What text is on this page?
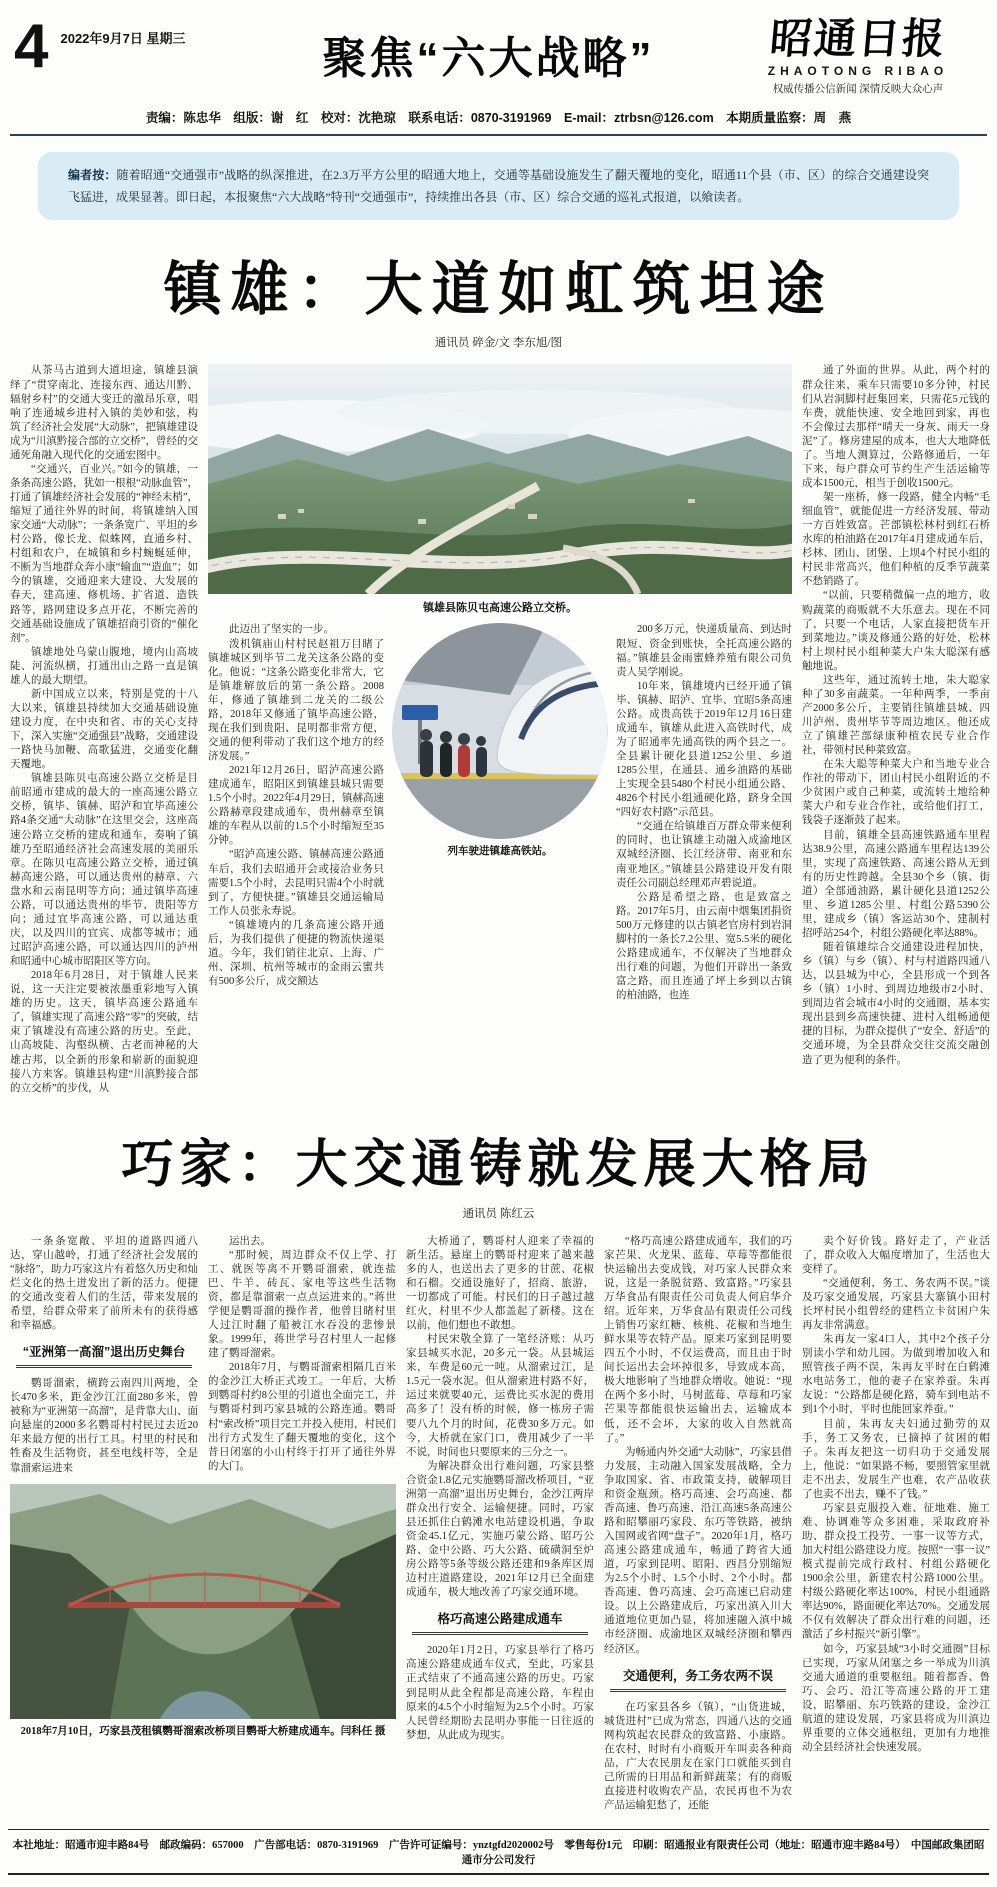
4 2022年9月7日 星期三	聚焦“六大战略”	昭通日报
ZHAOTONG RIBAO
权威传播公信新闻 深情反映大众心声
责编：陈忠华　组版：谢　红　校对：沈艳琼　联系电话：0870-3191969　E-mail：ztrbsn@126.com　本期质量监察：周　燕
编者按：随着昭通“交通强市”战略的纵深推进，在2.3万平方公里的昭通大地上，交通等基础设施发生了翻天覆地的变化，昭通11个县（市、区）的综合交通建设突飞猛进，成果显著。即日起，本报聚焦“六大战略”特刊“交通强市”，持续推出各县（市、区）综合交通的巡礼式报道，以飨读者。
镇雄：大道如虹筑坦途
通讯员 碎金/文 李东旭/图

从茶马古道到大道坦途，镇雄县演绎了“贯穿南北、连接东西、通达川黔、辐射乡村”的交通大变迁的激昂乐章，唱响了连通城乡进村入镇的美妙和弦，构筑了经济社会发展“大动脉”，把镇雄建设成为“川滇黔接合部的立交桥”，曾经的交通死角融入现代化的交通宏图中。

“交通兴，百业兴。”如今的镇雄，一条条高速公路，犹如一根根“动脉血管”，打通了镇雄经济社会发展的“神经末梢”，缩短了通往外界的时间，将镇雄纳入国家交通“大动脉”；一条条宽广、平坦的乡村公路，像长龙、似蛛网，直通乡村、村组和农户，在城镇和乡村蜿蜒延伸，不断为当地群众奔小康“输血”“造血”；如今的镇雄，交通迎来大建设、大发展的春天，建高速、修机场、扩省道、造铁路等，路网建设多点开花，不断完善的交通基础设施成了镇雄招商引资的“催化剂”。

镇雄地处乌蒙山腹地，境内山高坡陡、河流纵横，打通出山之路一直是镇雄人的最大期望。

新中国成立以来，特别是党的十八大以来，镇雄县持续加大交通基础设施建设力度，在中央和省、市的关心支持下，深入实施“交通强县”战略，交通建设一路快马加鞭、高歌猛进，交通变化翻天覆地。

镇雄县陈贝屯高速公路立交桥是目前昭通市建成的最大的一座高速公路立交桥，镇毕、镇赫、昭泸和宜毕高速公路4条交通“大动脉”在这里交会，这座高速公路立交桥的建成和通车，奏响了镇雄乃至昭通经济社会高速发展的美丽乐章。在陈贝屯高速公路立交桥，通过镇赫高速公路，可以通达贵州的赫章、六盘水和云南昆明等方向；通过镇毕高速公路，可以通达贵州的毕节、贵阳等方向；通过宜毕高速公路，可以通达重庆，以及四川的宜宾、成都等城市；通过昭泸高速公路，可以通达四川的泸州和昭通中心城市昭阳区等方向。

2018年6月28日，对于镇雄人民来说，这一天注定要被浓墨重彩地写入镇雄的历史。这天，镇毕高速公路通车了，镇雄实现了高速公路“零”的突破，结束了镇雄没有高速公路的历史。至此，山高坡陡、沟壑纵横、古老而神秘的大雄古邦，以全新的形象和崭新的面貌迎接八方来客。镇雄县构建“川滇黔接合部的立交桥”的步伐，从

镇雄县陈贝屯高速公路立交桥。

此迈出了坚实的一步。

泼机镇庙山村村民赵祖万目睹了镇雄城区到毕节二龙关这条公路的变化。他说：“这条公路变化非常大，它是镇雄解放后的第一条公路。2008年，修通了镇雄到二龙关的二级公路，2018年又修通了镇毕高速公路，现在我们到贵阳、昆明都非常方便，交通的便利带动了我们这个地方的经济发展。”

2021年12月26日，昭泸高速公路建成通车，昭阳区到镇雄县城只需要1.5个小时。2022年4月29日，镇赫高速公路赫章段建成通车，贵州赫章至镇雄的车程从以前的1.5个小时缩短至35分钟。

“昭泸高速公路、镇赫高速公路通车后，我们去昭通开会或接洽业务只需要1.5个小时，去昆明只需4个小时就到了，方便快捷。”镇雄县交通运输局工作人员张永寿说。

“镇雄境内的几条高速公路开通后，为我们提供了便捷的物流快递渠道。今年，我们销往北京、上海、广州、深圳、杭州等城市的金雨云蜜共有500多公斤，成交额达

列车驶进镇雄高铁站。

200多万元，快递质量高、到达时限短、资金到账快，全托高速公路的福。”镇雄县金雨蜜蜂养殖有限公司负责人吴学刚说。

10年来，镇雄境内已经开通了镇毕、镇赫、昭泸、宜毕、宜昭5条高速公路。成贵高铁于2019年12月16日建成通车，镇雄从此进入高铁时代，成为了昭通率先通高铁的两个县之一。全县累计硬化县道1252公里、乡道1285公里，在通县、通乡油路的基础上实现全县5480个村民小组通公路、4826个村民小组通硬化路，跻身全国“四好农村路”示范县。

“交通在给镇雄百万群众带来便利的同时，也让镇雄主动融入成渝地区双城经济圈、长江经济带、南亚和东南亚地区。”镇雄县公路建设开发有限责任公司副总经理邓声碧说道。

公路是希望之路，也是致富之路。2017年5月，由云南中烟集团捐资500万元修建的以古镇老官房村到岩洞脚村的一条长7.2公里、宽5.5米的硬化公路建成通车，不仅解决了当地群众出行难的问题，为他们开辟出一条致富之路，而且连通了坪上乡到以古镇的柏油路，也连

通了外面的世界。从此，两个村的群众往来，乘车只需要10多分钟，村民们从岩洞脚村赶集回来，只需花5元钱的车费，就能快速、安全地回到家，再也不会像过去那样“晴天一身灰、雨天一身泥”了。修房建屋的成本，也大大地降低了。当地人测算过，公路修通后，一年下来，每户群众可节约生产生活运输等成本1500元，相当于创收1500元。

架一座桥，修一段路，健全内畅“毛细血管”，就能促进一方经济发展、带动一方百姓致富。芒部镇松林村到红石桥水库的柏油路在2017年4月建成通车后，杉林、团山、团堡、上坝4个村民小组的村民非常高兴，他们种植的反季节蔬菜不愁销路了。

“以前，只要稍微偏一点的地方，收购蔬菜的商贩就不大乐意去。现在不同了，只要一个电话，人家直接把货车开到菜地边。”谈及修通公路的好处，松林村上坝村民小组种菜大户朱大聪深有感触地说。

这些年，通过流转土地，朱大聪家种了30多亩蔬菜。一年种两季，一季亩产2000多公斤，主要销往镇雄县城、四川泸州、贵州毕节等周边地区。他还成立了镇雄芒部绿康种植农民专业合作社，带领村民种菜致富。

在朱大聪等种菜大户和当地专业合作社的带动下，团山村民小组附近的不少贫困户或自己种菜，或流转土地给种菜大户和专业合作社，或给他们打工，钱袋子逐渐鼓了起来。

目前，镇雄全县高速铁路通车里程达38.9公里，高速公路通车里程达139公里，实现了高速铁路、高速公路从无到有的历史性跨越。全县30个乡（镇、街道）全部通油路，累计硬化县道1252公里、乡道1285公里、村组公路5390公里，建成乡（镇）客运站30个、建制村招呼站254个，村组公路硬化率达88%。

随着镇雄综合交通建设进程加快，乡（镇）与乡（镇）、村与村道路四通八达，以县城为中心，全县形成一个到各乡（镇）1小时、到周边地级市2小时、到周边省会城市4小时的交通圈，基本实现出县到乡高速快捷、进村入组畅通便捷的目标，为群众提供了“安全、舒适”的交通环境，为全县群众交往交流交融创造了更为便利的条件。

巧家：大交通铸就发展大格局
通讯员 陈红云

一条条宽敞、平坦的道路四通八达，穿山越岭，打通了经济社会发展的“脉络”，助力巧家这片有着悠久历史和灿烂文化的热土迸发出了新的活力。便捷的交通改变着人们的生活，带来发展的希望，给群众带来了前所未有的获得感和幸福感。

“亚洲第一高溜”退出历史舞台

鹦哥溜索，横跨云南四川两地，全长470多米，距金沙江江面280多米，曾被称为“亚洲第一高溜”，是背靠大山、面向悬崖的2000多名鹦哥村村民过去近20年来最方便的出行工具。村里的村民和牲畜及生活物资，甚至电线杆等，全是靠溜索运进来

运出去。

“那时候，周边群众不仅上学、打工、就医等离不开鹦哥溜索，就连盐巴、牛羊、砖瓦、家电等这些生活物资，都是靠溜索一点点运进来的。”蒋世学便是鹦哥溜的操作者，他曾目睹村里人过江时翻了船被江水吞没的悲惨景象。1999年，蒋世学号召村里人一起修建了鹦哥溜索。

2018年7月，与鹦哥溜索相隔几百米的金沙江大桥正式竣工。一年后，大桥到鹦哥村约8公里的引道也全面完工，并与鹦哥村到巧家县城的公路连通。鹦哥村“索改桥”项目完工并投入使用，村民们出行方式发生了翻天覆地的变化，这个昔日闭塞的小山村终于打开了通往外界的大门。

2018年7月10日，巧家县茂租镇鹦哥溜索改桥项目鹦哥大桥建成通车。闫科任 摄

大桥通了，鹦哥村人迎来了幸福的新生活。悬崖上的鹦哥村迎来了越来越多的人，也送出去了更多的甘蔗、花椒和石榴。交通设施好了，招商、旅游，一切都成了可能。村民们的日子越过越红火，村里不少人都盖起了新楼。这在以前，他们想也不敢想。

村民宋敬全算了一笔经济账：从巧家县城买水泥，20多元一袋。从县城运来，车费是60元一吨。从溜索过江，是1.5元一袋水泥。但从溜索进村路不好，运过来就要40元，运费比买水泥的费用高多了！没有桥的时候，修一栋房子需要八九个月的时间，花费30多万元。如今，大桥就在家门口，费用减少了一半不说，时间也只要原来的三分之一。

为解决群众出行难问题，巧家县整合资金1.8亿元实施鹦哥溜改桥项目，“亚洲第一高溜”退出历史舞台，金沙江两岸群众出行安全、运输便捷。同时，巧家县还抓住白鹤滩水电站建设机遇，争取资金45.1亿元，实施巧蒙公路、昭巧公路、金中公路、巧大公路、硫磺洞至炉房公路等5条等级公路还建和9条库区周边村庄道路建设，2021年12月已全面建成通车，极大地改善了巧家交通环境。

格巧高速公路建成通车

2020年1月2日，巧家县举行了格巧高速公路建成通车仪式，至此，巧家县正式结束了不通高速公路的历史。巧家到昆明从此全程都是高速公路，车程由原来的4.5个小时缩短为2.5个小时。巧家人民曾经期盼去昆明办事能一日往返的梦想，从此成为现实。

“格巧高速公路建成通车，我们的巧家芒果、火龙果、蓝莓、草莓等都能很快运输出去变成钱，对巧家人民群众来说，这是一条脱贫路、致富路。”巧家县万华食品有限责任公司负责人何启华介绍。近年来，万华食品有限责任公司线上销售巧家红糖、核桃、花椒和当地生鲜水果等农特产品。原来巧家到昆明要四五个小时，不仅运费高，而且由于时间长运出去会坏掉很多，导致成本高，极大地影响了当地群众增收。她说：“现在两个多小时，马树蓝莓、草莓和巧家芒果等都能很快运输出去，运输成本低，还不会坏，大家的收入自然就高了。”

为畅通内外交通“大动脉”，巧家县借力发展，主动融入国家发展战略，全力争取国家、省、市政策支持，破解项目和资金瓶颈。格巧高速、会巧高速、都香高速、鲁巧高速、沿江高速5条高速公路和昭攀丽巧家段、东巧等铁路，被纳入国网或省网“盘子”。2020年1月，格巧高速公路建成通车，畅通了跨省大通道，巧家到昆明、昭阳、西昌分别缩短为2.5个小时、1.5个小时、2个小时。都香高速、鲁巧高速、会巧高速已启动建设。以上公路建成后，巧家出滇入川大通道地位更加凸显，将加速融入滇中城市经济圈、成渝地区双城经济圈和攀西经济区。

交通便利，务工务农两不误

在巧家县各乡（镇），“山货进城，城货进村”已成为常态，四通八达的交通网构筑起农民群众的致富路、小康路。在农村，时时有小商贩开车叫卖各种商品，广大农民朋友在家门口就能买到自己所需的日用品和新鲜蔬菜；有的商贩直接进村收购农产品，农民再也不为农产品运输犯愁了，还能

卖个好价钱。路好走了，产业活了，群众收入大幅度增加了，生活也大变样了。

“交通便利，务工、务农两不误。”谈及巧家交通发展，巧家县大寨镇小田村长坪村民小组曾经的建档立卡贫困户朱再友非常满意。

朱再友一家4口人，其中2个孩子分别读小学和幼儿园。为做到增加收入和照管孩子两不误，朱再友平时在白鹤滩水电站务工，他的妻子在家养蚕。朱再友说：“公路都是硬化路，骑车到电站不到1个小时，平时也能回家养蚕。”

目前，朱再友夫妇通过勤劳的双手，务工又务农，已摘掉了贫困的帽子。朱再友把这一切归功于交通发展上，他说：“如果路不畅，要照管家里就走不出去，发展生产也难，农产品收获了也卖不出去，赚不了钱。”

巧家县克服投入难、征地难、施工难、协调难等众多困难，采取政府补助、群众投工投劳、一事一议等方式，加大村组公路建设力度。按照“一事一议”模式提前完成行政村、村组公路硬化1900余公里，新建农村公路1000公里。村级公路硬化率达100%，村民小组通路率达90%，路面硬化率达70%。交通发展不仅有效解决了群众出行难的问题，还激活了乡村振兴“新引擎”。

如今，巧家县域“3小时交通圈”目标已实现，巧家从闭塞之乡一举成为川滇交通大通道的重要枢纽。随着都香、鲁巧、会巧、沿江等高速公路的开工建设，昭攀丽、东巧铁路的建设，金沙江航道的建设发展，巧家县将成为川滇边界重要的立体交通枢纽，更加有力地推动全县经济社会快速发展。

本社地址：昭通市迎丰路84号　邮政编码：657000　广告部电话：0870-3191969　广告许可证编号：ynztgfd2020002号　零售每份1元　印刷：昭通报业有限责任公司（地址：昭通市迎丰路84号）　中国邮政集团昭通市分公司发行
